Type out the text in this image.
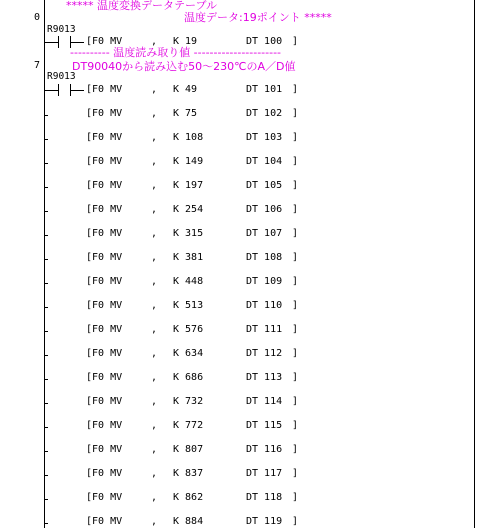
***** 温度変換データテーブル
温度データ:19ポイント *****
0
R9013
---------- 温度読み取り値 ----------------------
DT90040から読み込む50～230℃のA／D値
7
R9013
[F0 MV	, K 19	DT 100 ]
[F0 MV	, K 49	DT 101 ]
[F0 MV	, K 75	DT 102 ]
[F0 MV	, K 108	DT 103 ]
[F0 MV	, K 149	DT 104 ]
[F0 MV	, K 197	DT 105 ]
[F0 MV	, K 254	DT 106 ]
[F0 MV	, K 315	DT 107 ]
[F0 MV	, K 381	DT 108 ]
[F0 MV	, K 448	DT 109 ]
[F0 MV	, K 513	DT 110 ]
[F0 MV	, K 576	DT 111 ]
[F0 MV	, K 634	DT 112 ]
[F0 MV	, K 686	DT 113 ]
[F0 MV	, K 732	DT 114 ]
[F0 MV	, K 772	DT 115 ]
[F0 MV	, K 807	DT 116 ]
[F0 MV	, K 837	DT 117 ]
[F0 MV	, K 862	DT 118 ]
[F0 MV	, K 884	DT 119 ]
